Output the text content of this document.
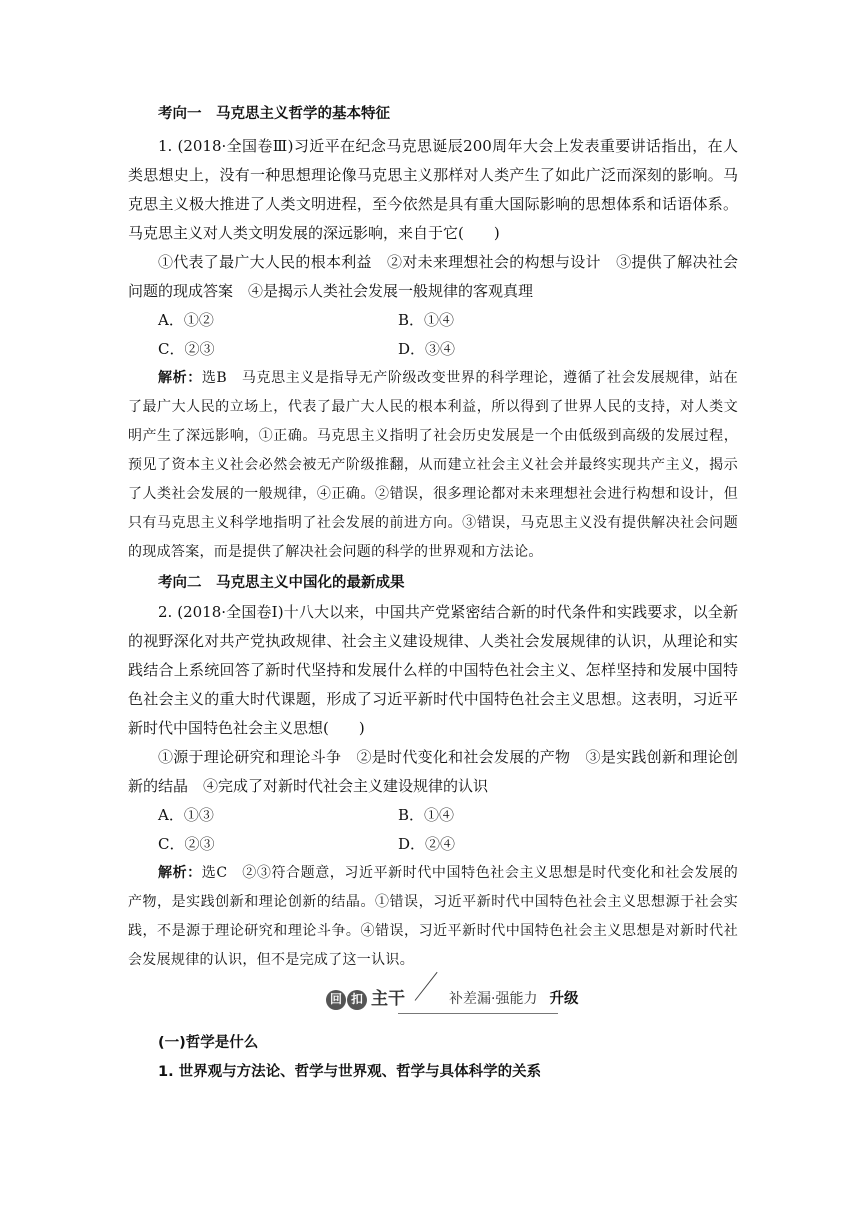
考向一　马克思主义哲学的基本特征

1. (2018·全国卷Ⅲ)习近平在纪念马克思诞辰200周年大会上发表重要讲话指出，在人类思想史上，没有一种思想理论像马克思主义那样对人类产生了如此广泛而深刻的影响。马克思主义极大推进了人类文明进程，至今依然是具有重大国际影响的思想体系和话语体系。马克思主义对人类文明发展的深远影响，来自于它(　　)

①代表了最广大人民的根本利益　②对未来理想社会的构想与设计　③提供了解决社会问题的现成答案　④是揭示人类社会发展一般规律的客观真理

A．①②	B．①④
C．②③	D．③④

解析：选B　马克思主义是指导无产阶级改变世界的科学理论，遵循了社会发展规律，站在了最广大人民的立场上，代表了最广大人民的根本利益，所以得到了世界人民的支持，对人类文明产生了深远影响，①正确。马克思主义指明了社会历史发展是一个由低级到高级的发展过程，预见了资本主义社会必然会被无产阶级推翻，从而建立社会主义社会并最终实现共产主义，揭示了人类社会发展的一般规律，④正确。②错误，很多理论都对未来理想社会进行构想和设计，但只有马克思主义科学地指明了社会发展的前进方向。③错误，马克思主义没有提供解决社会问题的现成答案，而是提供了解决社会问题的科学的世界观和方法论。

考向二　马克思主义中国化的最新成果

2. (2018·全国卷Ⅰ)十八大以来，中国共产党紧密结合新的时代条件和实践要求，以全新的视野深化对共产党执政规律、社会主义建设规律、人类社会发展规律的认识，从理论和实践结合上系统回答了新时代坚持和发展什么样的中国特色社会主义、怎样坚持和发展中国特色社会主义的重大时代课题，形成了习近平新时代中国特色社会主义思想。这表明，习近平新时代中国特色社会主义思想(　　)

①源于理论研究和理论斗争　②是时代变化和社会发展的产物　③是实践创新和理论创新的结晶　④完成了对新时代社会主义建设规律的认识

A．①③	B．①④
C．②③	D．②④

解析：选C　②③符合题意，习近平新时代中国特色社会主义思想是时代变化和社会发展的产物，是实践创新和理论创新的结晶。①错误，习近平新时代中国特色社会主义思想源于社会实践，不是源于理论研究和理论斗争。④错误，习近平新时代中国特色社会主义思想是对新时代社会发展规律的认识，但不是完成了这一认识。

回 扣 主干	补差漏·强能力 升级

(一)哲学是什么

1. 世界观与方法论、哲学与世界观、哲学与具体科学的关系
